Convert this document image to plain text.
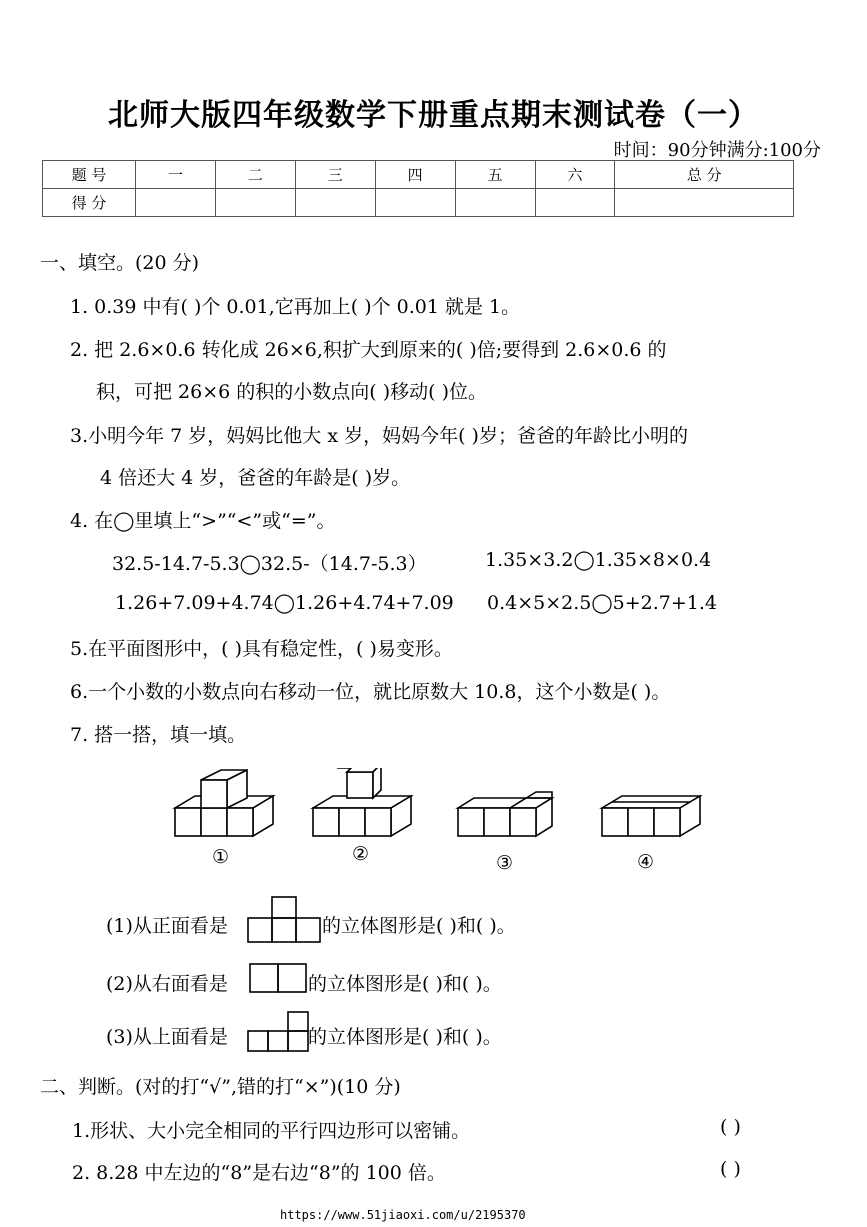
北师大版四年级数学下册重点期末测试卷（一）
时间：90分钟满分:100分
题 号	一	二	三	四	五	六	总 分
得 分							
一、填空。(20 分)
1. 0.39 中有( )个 0.01,它再加上( )个 0.01 就是 1。
2. 把 2.6×0.6 转化成 26×6,积扩大到原来的( )倍;要得到 2.6×0.6 的
积，可把 26×6 的积的小数点向( )移动( )位。
3.小明今年 7 岁，妈妈比他大 x 岁，妈妈今年( )岁；爸爸的年龄比小明的
4 倍还大 4 岁，爸爸的年龄是( )岁。
4. 在◯里填上“>”“<”或“=”。
32.5-14.7-5.3◯32.5-（14.7-5.3）	1.35×3.2◯1.35×8×0.4
1.26+7.09+4.74◯1.26+4.74+7.09 0.4×5×2.5◯5+2.7+1.4
5.在平面图形中，( )具有稳定性，( )易变形。
6.一个小数的小数点向右移动一位，就比原数大 10.8，这个小数是( )。
7. 搭一搭，填一填。
①	②	③	④
(1)从正面看是	的立体图形是( )和( )。
(2)从右面看是	的立体图形是( )和( )。
(3)从上面看是	的立体图形是( )和( )。
二、判断。(对的打“√”,错的打“×”)(10 分)
1.形状、大小完全相同的平行四边形可以密铺。	( )
2. 8.28 中左边的“8”是右边“8”的 100 倍。	( )
https://www.51jiaoxi.com/u/2195370
